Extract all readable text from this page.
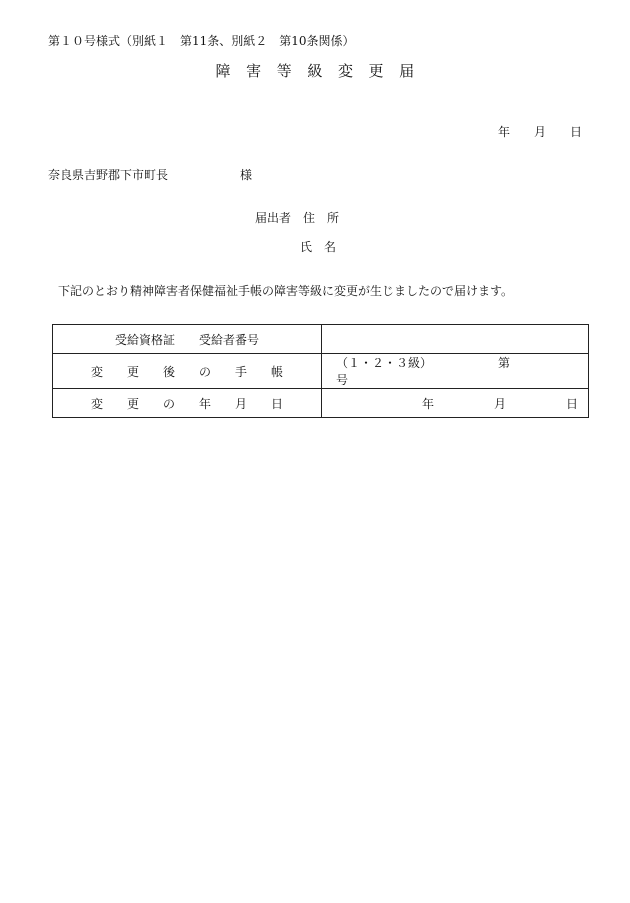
第１０号様式（別紙１　第11条、別紙２　第10条関係）
障　害　等　級　変　更　届
年　　月　　日
奈良県吉野郡下市町長	様
届出者　住　所
氏　名
下記のとおり精神障害者保健福祉手帳の障害等級に変更が生じましたので届けます。
受給資格証　　受給者番号	
変　　更　　後　　の　　手　　帳	（１・２・３級）　　　　　　第　　　　　　号
変　　更　　の　　年　　月　　日	年　　　　　月　　　　　日
